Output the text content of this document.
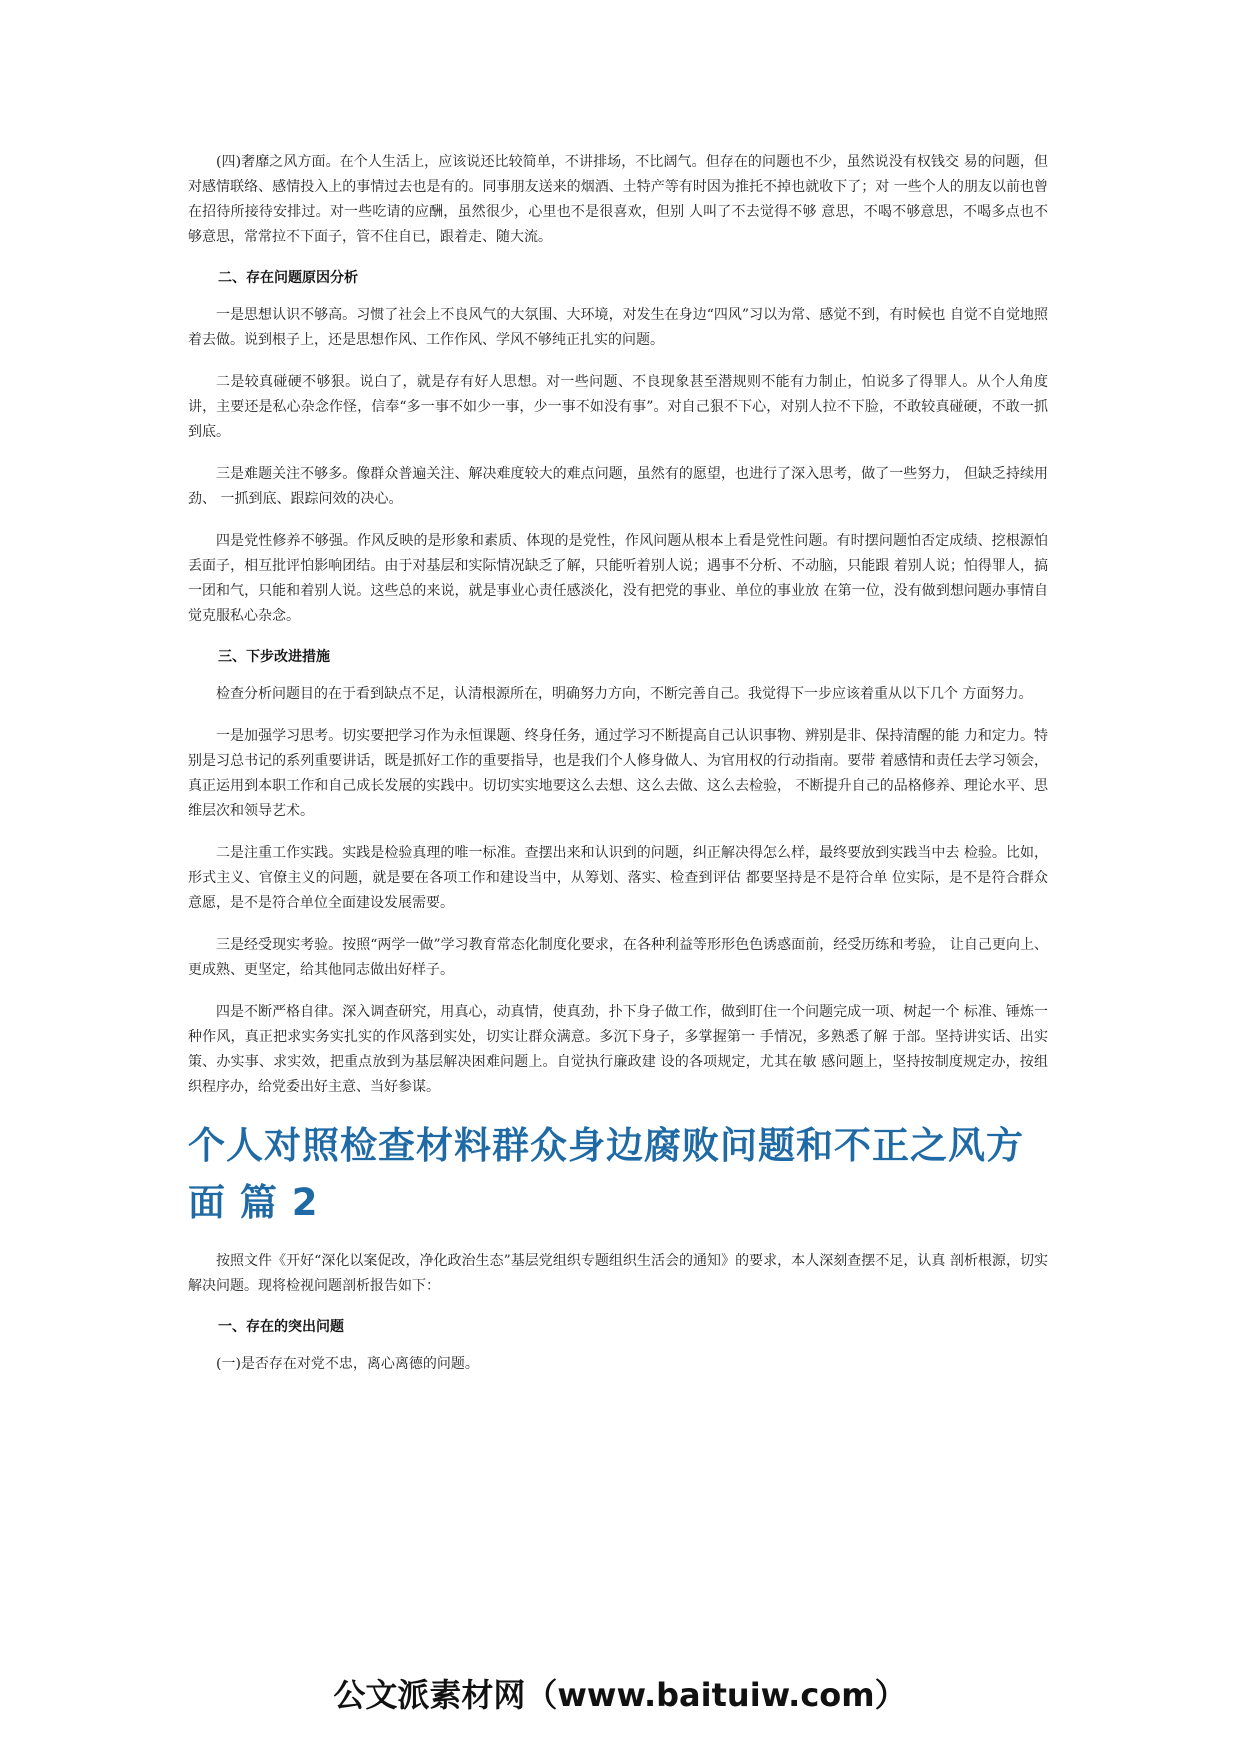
(四)奢靡之风方面。在个人生活上，应该说还比较简单，不讲排场，不比阔气。但存在的问题也不少，虽然说没有权钱交 易的问题，但对感情联络、感情投入上的事情过去也是有的。同事朋友送来的烟酒、土特产等有时因为推托不掉也就收下了；对 一些个人的朋友以前也曾在招待所接待安排过。对一些吃请的应酬，虽然很少，心里也不是很喜欢，但别 人叫了不去觉得不够 意思，不喝不够意思，不喝多点也不够意思，常常拉不下面子，管不住自已，跟着走、随大流。

二、存在问题原因分析

一是思想认识不够高。习惯了社会上不良风气的大氛围、大环境，对发生在身边“四风”习以为常、感觉不到，有时候也 自觉不自觉地照着去做。说到根子上，还是思想作风、工作作风、学风不够纯正扎实的问题。

二是较真碰硬不够狠。说白了，就是存有好人思想。对一些问题、不良现象甚至潜规则不能有力制止，怕说多了得罪人。从个人角度讲，主要还是私心杂念作怪，信奉“多一事不如少一事，少一事不如没有事”。对自己狠不下心，对别人拉不下脸，不敢较真碰硬，不敢一抓到底。

三是难题关注不够多。像群众普遍关注、解决难度较大的难点问题，虽然有的愿望，也进行了深入思考，做了一些努力， 但缺乏持续用劲、 一抓到底、跟踪问效的决心。

四是党性修养不够强。作风反映的是形象和素质、体现的是党性，作风问题从根本上看是党性问题。有时摆问题怕否定成绩、挖根源怕丢面子，相互批评怕影响团结。由于对基层和实际情况缺乏了解，只能听着别人说；遇事不分析、不动脑，只能跟 着别人说；怕得罪人，搞一团和气，只能和着别人说。这些总的来说，就是事业心责任感淡化，没有把党的事业、单位的事业放 在第一位，没有做到想问题办事情自觉克服私心杂念。

三、下步改进措施

检查分析问题目的在于看到缺点不足，认清根源所在，明确努力方向，不断完善自己。我觉得下一步应该着重从以下几个 方面努力。

一是加强学习思考。切实要把学习作为永恒课题、终身任务，通过学习不断提高自己认识事物、辨别是非、保持清醒的能 力和定力。特别是习总书记的系列重要讲话，既是抓好工作的重要指导，也是我们个人修身做人、为官用权的行动指南。要带 着感情和责任去学习领会，真正运用到本职工作和自己成长发展的实践中。切切实实地要这么去想、这么去做、这么去检验， 不断提升自己的品格修养、理论水平、思维层次和领导艺术。

二是注重工作实践。实践是检验真理的唯一标准。查摆出来和认识到的问题，纠正解决得怎么样，最终要放到实践当中去 检验。比如，形式主义、官僚主义的问题，就是要在各项工作和建设当中，从筹划、落实、检查到评估 都要坚持是不是符合单 位实际，是不是符合群众意愿，是不是符合单位全面建设发展需要。

三是经受现实考验。按照“两学一做”学习教育常态化制度化要求，在各种利益等形形色色诱惑面前，经受历练和考验， 让自己更向上、更成熟、更坚定，给其他同志做出好样子。

四是不断严格自律。深入调查研究，用真心，动真情，使真劲，扑下身子做工作，做到盯住一个问题完成一项、树起一个 标准、锤炼一种作风，真正把求实务实扎实的作风落到实处，切实让群众满意。多沉下身子，多掌握第一 手情况，多熟悉了解 于部。坚持讲实话、出实策、办实事、求实效，把重点放到为基层解决困难问题上。自觉执行廉政建 设的各项规定，尤其在敏 感问题上，坚持按制度规定办，按组织程序办，给党委出好主意、当好参谋。

个人对照检查材料群众身边腐败问题和不正之风方面 篇 2

按照文件《开好“深化以案促改，净化政治生态”基层党组织专题组织生活会的通知》的要求，本人深刻查摆不足，认真 剖析根源，切实解决问题。现将检视问题剖析报告如下：

一、存在的突出问题

(一)是否存在对党不忠，离心离德的问题。

公文派素材网（www.baituiw.com）
